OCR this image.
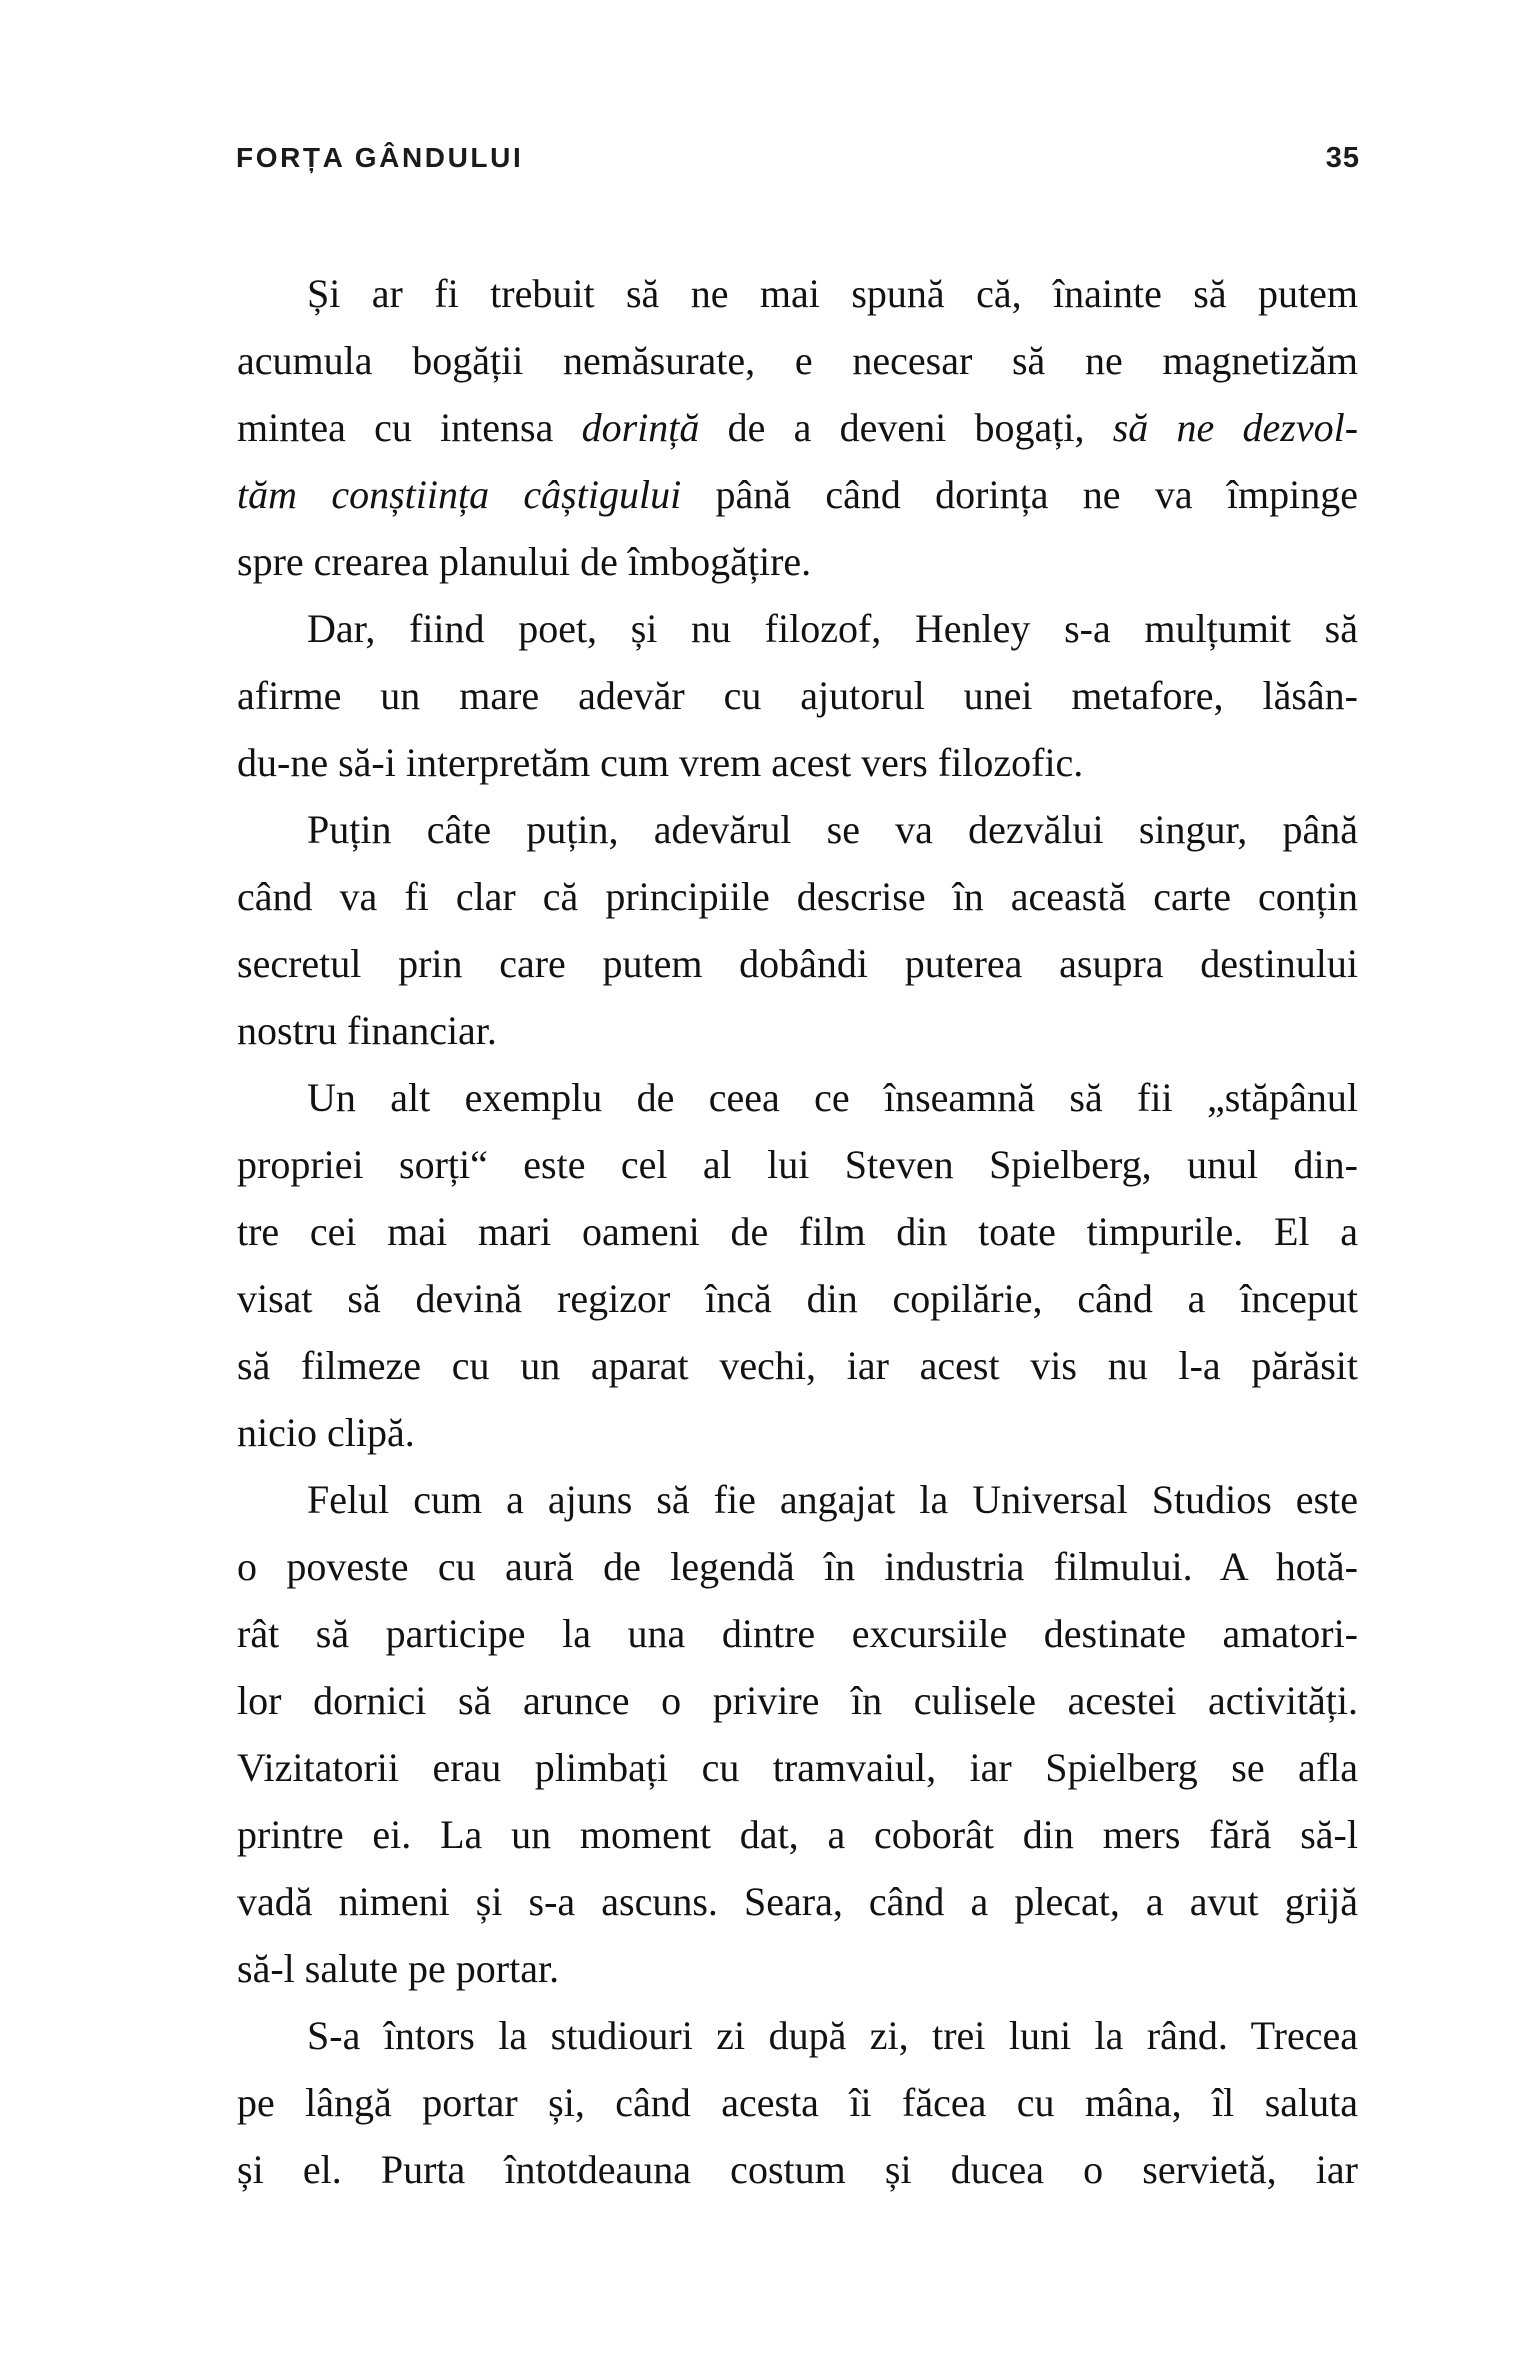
FORȚA GÂNDULUI	35

Și ar fi trebuit să ne mai spună că, înainte să putem
acumula bogății nemăsurate, e necesar să ne magnetizăm
mintea cu intensa dorință de a deveni bogați, să ne dezvol-
tăm conștiința câștigului până când dorința ne va împinge
spre crearea planului de îmbogățire.

Dar, fiind poet, și nu filozof, Henley s-a mulțumit să
afirme un mare adevăr cu ajutorul unei metafore, lăsân-
du-ne să-i interpretăm cum vrem acest vers filozofic.

Puțin câte puțin, adevărul se va dezvălui singur, până
când va fi clar că principiile descrise în această carte conțin
secretul prin care putem dobândi puterea asupra destinului
nostru financiar.

Un alt exemplu de ceea ce înseamnă să fii „stăpânul
propriei sorți“ este cel al lui Steven Spielberg, unul din-
tre cei mai mari oameni de film din toate timpurile. El a
visat să devină regizor încă din copilărie, când a început
să filmeze cu un aparat vechi, iar acest vis nu l-a părăsit
nicio clipă.

Felul cum a ajuns să fie angajat la Universal Studios este
o poveste cu aură de legendă în industria filmului. A hotă-
rât să participe la una dintre excursiile destinate amatori-
lor dornici să arunce o privire în culisele acestei activități.
Vizitatorii erau plimbați cu tramvaiul, iar Spielberg se afla
printre ei. La un moment dat, a coborât din mers fără să-l
vadă nimeni și s-a ascuns. Seara, când a plecat, a avut grijă
să-l salute pe portar.

S-a întors la studiouri zi după zi, trei luni la rând. Trecea
pe lângă portar și, când acesta îi făcea cu mâna, îl saluta
și el. Purta întotdeauna costum și ducea o servietă, iar
